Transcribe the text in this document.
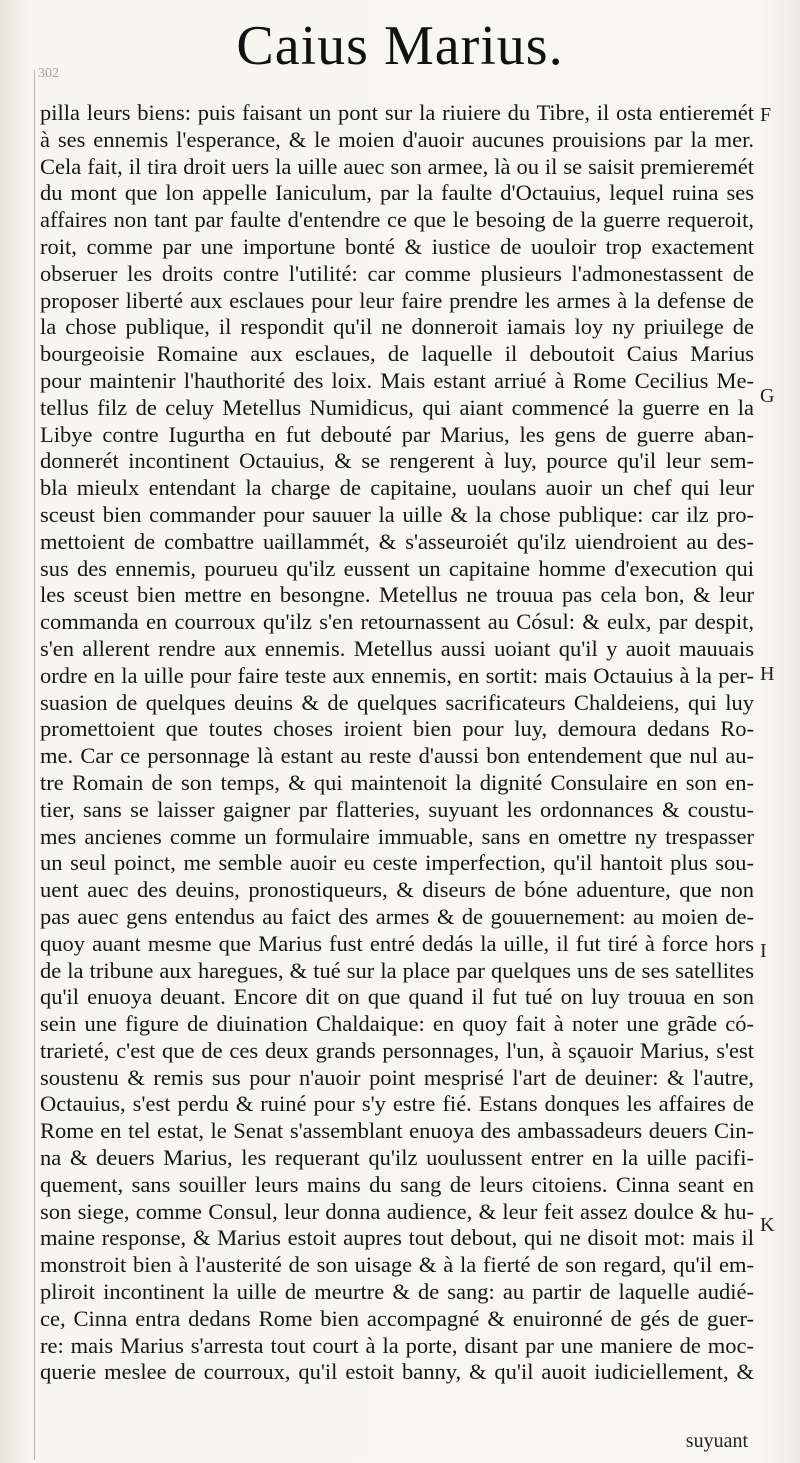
Caius Marius.
302
pilla leurs biens: puis faisant un pont sur la riuiere du Tibre, il osta entieremét
à ses ennemis l'esperance, & le moien d'auoir aucunes prouisions par la mer.
Cela fait, il tira droit uers la uille auec son armee, là ou il se saisit premieremét
du mont que lon appelle Ianiculum, par la faulte d'Octauius, lequel ruina ses
affaires non tant par faulte d'entendre ce que le besoing de la guerre requeroit,
roit, comme par une importune bonté & iustice de uouloir trop exactement
obseruer les droits contre l'utilité: car comme plusieurs l'admonestassent de
proposer liberté aux esclaues pour leur faire prendre les armes à la defense de
la chose publique, il respondit qu'il ne donneroit iamais loy ny priuilege de
bourgeoisie Romaine aux esclaues, de laquelle il deboutoit Caius Marius
pour maintenir l'hauthorité des loix. Mais estant arriué à Rome Cecilius Me-
tellus filz de celuy Metellus Numidicus, qui aiant commencé la guerre en la
Libye contre Iugurtha en fut debouté par Marius, les gens de guerre aban-
donnerét incontinent Octauius, & se rengerent à luy, pource qu'il leur sem-
bla mieulx entendant la charge de capitaine, uoulans auoir un chef qui leur
sceust bien commander pour sauuer la uille & la chose publique: car ilz pro-
mettoient de combattre uaillammét, & s'asseuroiét qu'ilz uiendroient au des-
sus des ennemis, pourueu qu'ilz eussent un capitaine homme d'execution qui
les sceust bien mettre en besongne. Metellus ne trouua pas cela bon, & leur
commanda en courroux qu'ilz s'en retournassent au Cósul: & eulx, par despit,
s'en allerent rendre aux ennemis. Metellus aussi uoiant qu'il y auoit mauuais
ordre en la uille pour faire teste aux ennemis, en sortit: mais Octauius à la per-
suasion de quelques deuins & de quelques sacrificateurs Chaldeiens, qui luy
promettoient que toutes choses iroient bien pour luy, demoura dedans Ro-
me. Car ce personnage là estant au reste d'aussi bon entendement que nul au-
tre Romain de son temps, & qui maintenoit la dignité Consulaire en son en-
tier, sans se laisser gaigner par flatteries, suyuant les ordonnances & coustu-
mes ancienes comme un formulaire immuable, sans en omettre ny trespasser
un seul poinct, me semble auoir eu ceste imperfection, qu'il hantoit plus sou-
uent auec des deuins, pronostiqueurs, & diseurs de bóne aduenture, que non
pas auec gens entendus au faict des armes & de gouuernement: au moien de-
quoy auant mesme que Marius fust entré dedás la uille, il fut tiré à force hors
de la tribune aux haregues, & tué sur la place par quelques uns de ses satellites
qu'il enuoya deuant. Encore dit on que quand il fut tué on luy trouua en son
sein une figure de diuination Chaldaique: en quoy fait à noter une grãde có-
trarieté, c'est que de ces deux grands personnages, l'un, à sçauoir Marius, s'est
soustenu & remis sus pour n'auoir point mesprisé l'art de deuiner: & l'autre,
Octauius, s'est perdu & ruiné pour s'y estre fié. Estans donques les affaires de
Rome en tel estat, le Senat s'assemblant enuoya des ambassadeurs deuers Cin-
na & deuers Marius, les requerant qu'ilz uoulussent entrer en la uille pacifi-
quement, sans souiller leurs mains du sang de leurs citoiens. Cinna seant en
son siege, comme Consul, leur donna audience, & leur feit assez doulce & hu-
maine response, & Marius estoit aupres tout debout, qui ne disoit mot: mais il
monstroit bien à l'austerité de son uisage & à la fierté de son regard, qu'il em-
pliroit incontinent la uille de meurtre & de sang: au partir de laquelle audié-
ce, Cinna entra dedans Rome bien accompagné & enuironné de gés de guer-
re: mais Marius s'arresta tout court à la porte, disant par une maniere de moc-
querie meslee de courroux, qu'il estoit banny, & qu'il auoit iudiciellement, &
F
G
H
I
K
suyuant
